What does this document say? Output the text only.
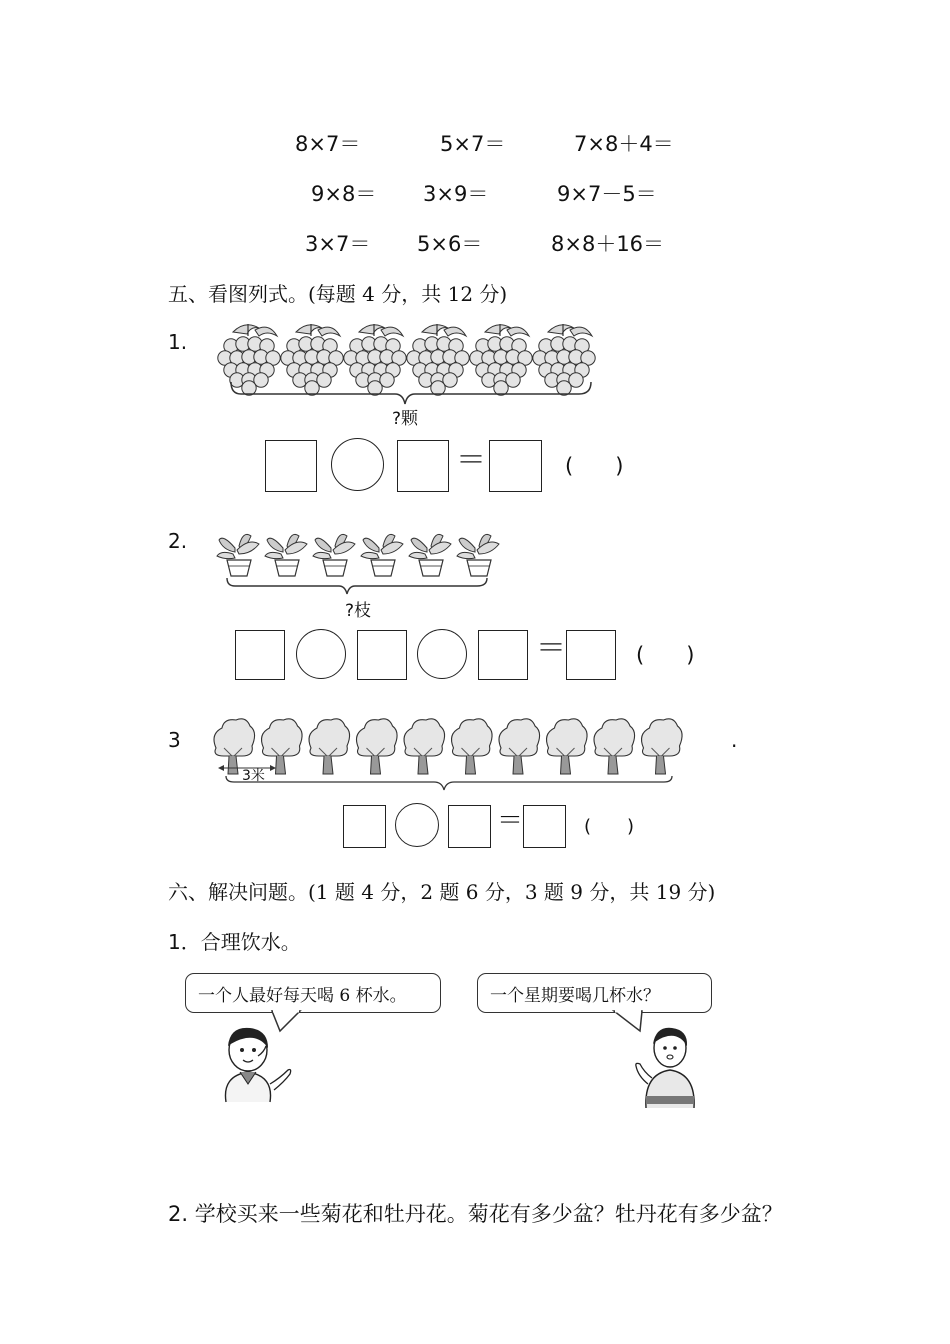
8×7＝	5×7＝	7×8＋4＝
9×8＝ 3×9＝	9×7－5＝
3×7＝ 5×6＝	8×8＋16＝
五、看图列式。(每题 4 分，共 12 分)
1.
?颗
＝	(　　)
2.
?枝
＝	(　　)
3
3米
.
＝	(　　)
六、解决问题。(1 题 4 分，2 题 6 分，3 题 9 分，共 19 分)
1．合理饮水。
一个人最好每天喝 6 杯水。	一个星期要喝几杯水？
2. 学校买来一些菊花和牡丹花。菊花有多少盆？牡丹花有多少盆？
